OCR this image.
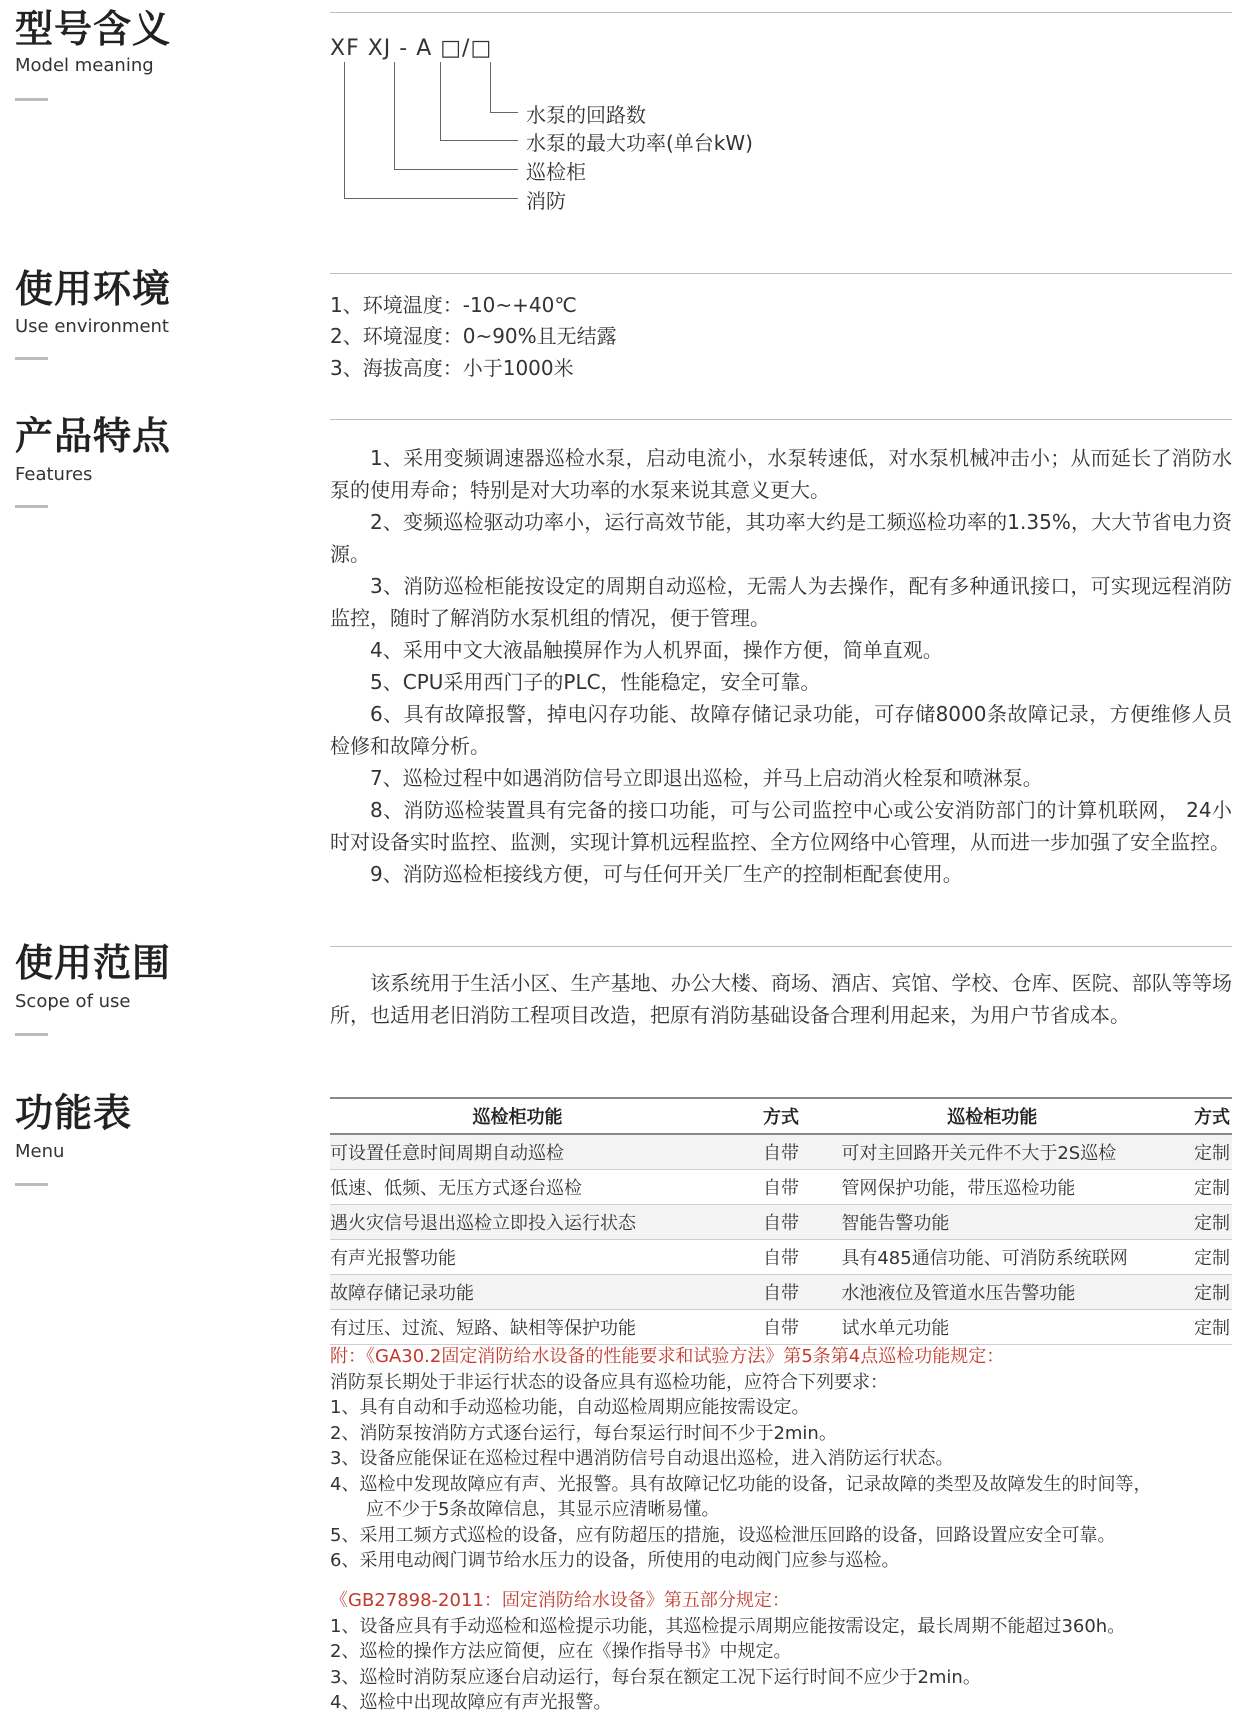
型号含义
Model meaning
XF XJ - A □/□
水泵的回路数
水泵的最大功率(单台kW)
巡检柜
消防
使用环境
Use environment
1、环境温度：-10~+40℃
2、环境湿度：0~90%且无结露
3、海拔高度：小于1000米
产品特点
Features

1、采用变频调速器巡检水泵，启动电流小，水泵转速低，对水泵机械冲击小；从而延长了消防水泵的使用寿命；特别是对大功率的水泵来说其意义更大。

2、变频巡检驱动功率小，运行高效节能，其功率大约是工频巡检功率的1.35%，大大节省电力资源。

3、消防巡检柜能按设定的周期自动巡检，无需人为去操作，配有多种通讯接口，可实现远程消防监控，随时了解消防水泵机组的情况，便于管理。

4、采用中文大液晶触摸屏作为人机界面，操作方便，简单直观。

5、CPU采用西门子的PLC，性能稳定，安全可靠。

6、具有故障报警，掉电闪存功能、故障存储记录功能，可存储8000条故障记录，方便维修人员检修和故障分析。

7、巡检过程中如遇消防信号立即退出巡检，并马上启动消火栓泵和喷淋泵。

8、消防巡检装置具有完备的接口功能，可与公司监控中心或公安消防部门的计算机联网， 24小时对设备实时监控、监测，实现计算机远程监控、全方位网络中心管理，从而进一步加强了安全监控。

9、消防巡检柜接线方便，可与任何开关厂生产的控制柜配套使用。

使用范围
Scope of use

该系统用于生活小区、生产基地、办公大楼、商场、酒店、宾馆、学校、仓库、医院、部队等等场所，也适用老旧消防工程项目改造，把原有消防基础设备合理利用起来，为用户节省成本。

功能表
Menu
巡检柜功能	方式	巡检柜功能	方式
可设置任意时间周期自动巡检	自带	可对主回路开关元件不大于2S巡检	定制
低速、低频、无压方式逐台巡检	自带	管网保护功能，带压巡检功能	定制
遇火灾信号退出巡检立即投入运行状态	自带	智能告警功能	定制
有声光报警功能	自带	具有485通信功能、可消防系统联网	定制
故障存储记录功能	自带	水池液位及管道水压告警功能	定制
有过压、过流、短路、缺相等保护功能	自带	试水单元功能	定制
附：《GA30.2固定消防给水设备的性能要求和试验方法》第5条第4点巡检功能规定：
消防泵长期处于非运行状态的设备应具有巡检功能，应符合下列要求：
1、具有自动和手动巡检功能，自动巡检周期应能按需设定。
2、消防泵按消防方式逐台运行，每台泵运行时间不少于2min。
3、设备应能保证在巡检过程中遇消防信号自动退出巡检，进入消防运行状态。
4、巡检中发现故障应有声、光报警。具有故障记忆功能的设备，记录故障的类型及故障发生的时间等，
应不少于5条故障信息，其显示应清晰易懂。
5、采用工频方式巡检的设备，应有防超压的措施，设巡检泄压回路的设备，回路设置应安全可靠。
6、采用电动阀门调节给水压力的设备，所使用的电动阀门应参与巡检。
《GB27898-2011：固定消防给水设备》第五部分规定：
1、设备应具有手动巡检和巡检提示功能，其巡检提示周期应能按需设定，最长周期不能超过360h。
2、巡检的操作方法应简便，应在《操作指导书》中规定。
3、巡检时消防泵应逐台启动运行，每台泵在额定工况下运行时间不应少于2min。
4、巡检中出现故障应有声光报警。
